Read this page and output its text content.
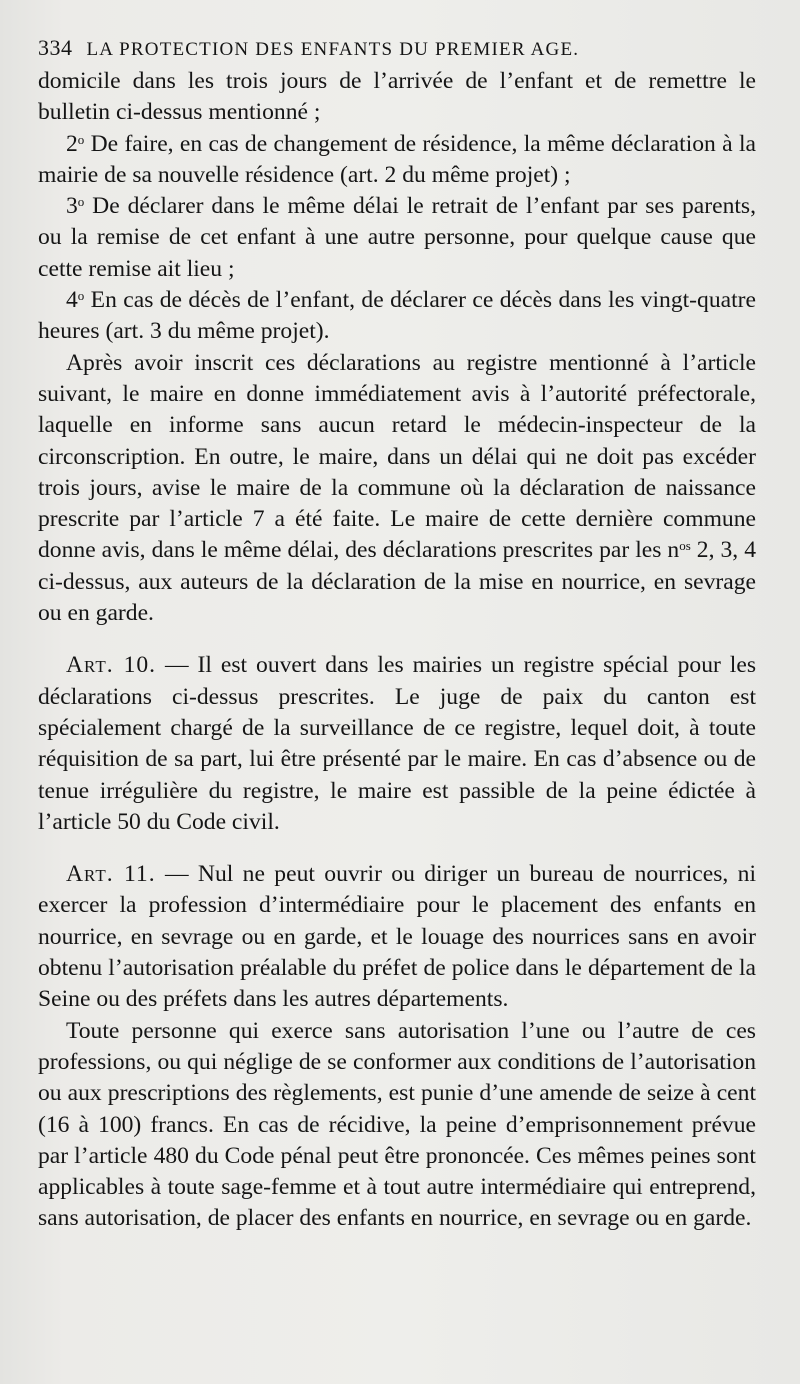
334 LA PROTECTION DES ENFANTS DU PREMIER AGE.

domicile dans les trois jours de l’arrivée de l’enfant et de remettre le bulletin ci-dessus mentionné ;

2$^o$ De faire, en cas de changement de résidence, la même déclaration à la mairie de sa nouvelle résidence (art. 2 du même projet) ;

3$^o$ De déclarer dans le même délai le retrait de l’enfant par ses parents, ou la remise de cet enfant à une autre personne, pour quelque cause que cette remise ait lieu ;

4$^o$ En cas de décès de l’enfant, de déclarer ce décès dans les vingt-quatre heures (art. 3 du même projet).

Après avoir inscrit ces déclarations au registre mentionné à l’article suivant, le maire en donne immédiatement avis à l’autorité préfectorale, laquelle en informe sans aucun retard le médecin-inspecteur de la circonscription. En outre, le maire, dans un délai qui ne doit pas excéder trois jours, avise le maire de la commune où la déclaration de naissance prescrite par l’article 7 a été faite. Le maire de cette dernière commune donne avis, dans le même délai, des déclarations prescrites par les $n^{os}$ 2, 3, 4 ci-dessus, aux auteurs de la déclaration de la mise en nourrice, en sevrage ou en garde.

Art. 10. — Il est ouvert dans les mairies un registre spécial pour les déclarations ci-dessus prescrites. Le juge de paix du canton est spécialement chargé de la surveillance de ce registre, lequel doit, à toute réquisition de sa part, lui être présenté par le maire. En cas d’absence ou de tenue irrégulière du registre, le maire est passible de la peine édictée à l’article 50 du Code civil.

Art. 11. — Nul ne peut ouvrir ou diriger un bureau de nourrices, ni exercer la profession d’intermédiaire pour le placement des enfants en nourrice, en sevrage ou en garde, et le louage des nourrices sans en avoir obtenu l’autorisation préalable du préfet de police dans le département de la Seine ou des préfets dans les autres départements.

Toute personne qui exerce sans autorisation l’une ou l’autre de ces professions, ou qui néglige de se conformer aux conditions de l’autorisation ou aux prescriptions des règlements, est punie d’une amende de seize à cent (16 à 100) francs. En cas de récidive, la peine d’emprisonnement prévue par l’article 480 du Code pénal peut être prononcée. Ces mêmes peines sont applicables à toute sage-femme et à tout autre intermédiaire qui entreprend, sans autorisation, de placer des enfants en nourrice, en sevrage ou en garde.
